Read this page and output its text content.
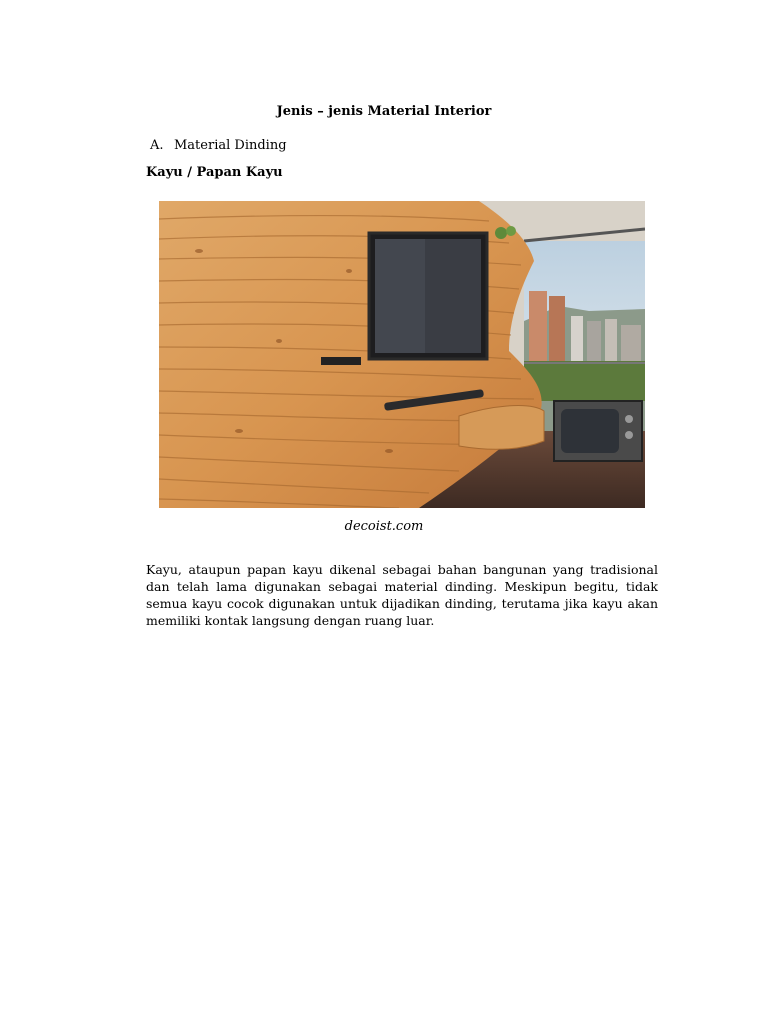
Jenis – jenis Material Interior
A. Material Dinding
Kayu / Papan Kayu
decoist.com
Kayu, ataupun papan kayu dikenal sebagai bahan bangunan yang tradisional dan telah lama digunakan sebagai material dinding. Meskipun begitu, tidak semua kayu cocok digunakan untuk dijadikan dinding, terutama jika kayu akan memiliki kontak langsung dengan ruang luar.
